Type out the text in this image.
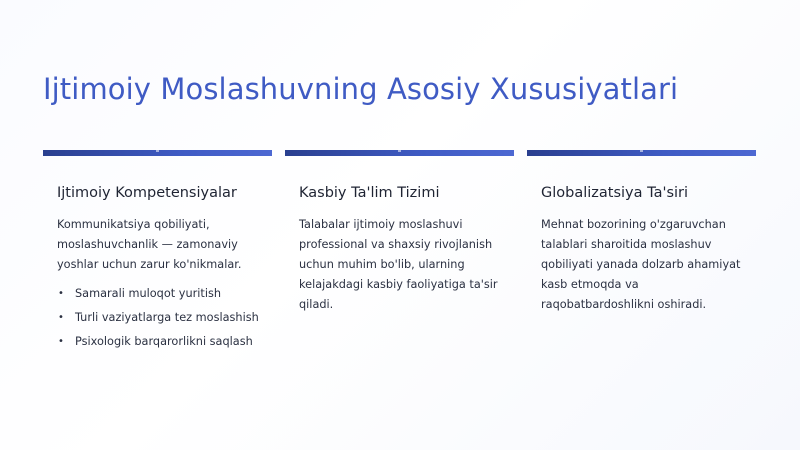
Ijtimoiy Moslashuvning Asosiy Xususiyatlari
Ijtimoiy Kompetensiyalar

Kommunikatsiya qobiliyati, moslashuvchanlik — zamonaviy yoshlar uchun zarur ko'nikmalar.

• Samarali muloqot yuritish
• Turli vaziyatlarga tez moslashish
• Psixologik barqarorlikni saqlash
Kasbiy Ta'lim Tizimi

Talabalar ijtimoiy moslashuvi professional va shaxsiy rivojlanish uchun muhim bo'lib, ularning kelajakdagi kasbiy faoliyatiga ta'sir qiladi.

Globalizatsiya Ta'siri

Mehnat bozorining o'zgaruvchan talablari sharoitida moslashuv qobiliyati yanada dolzarb ahamiyat kasb etmoqda va raqobatbardoshlikni oshiradi.
